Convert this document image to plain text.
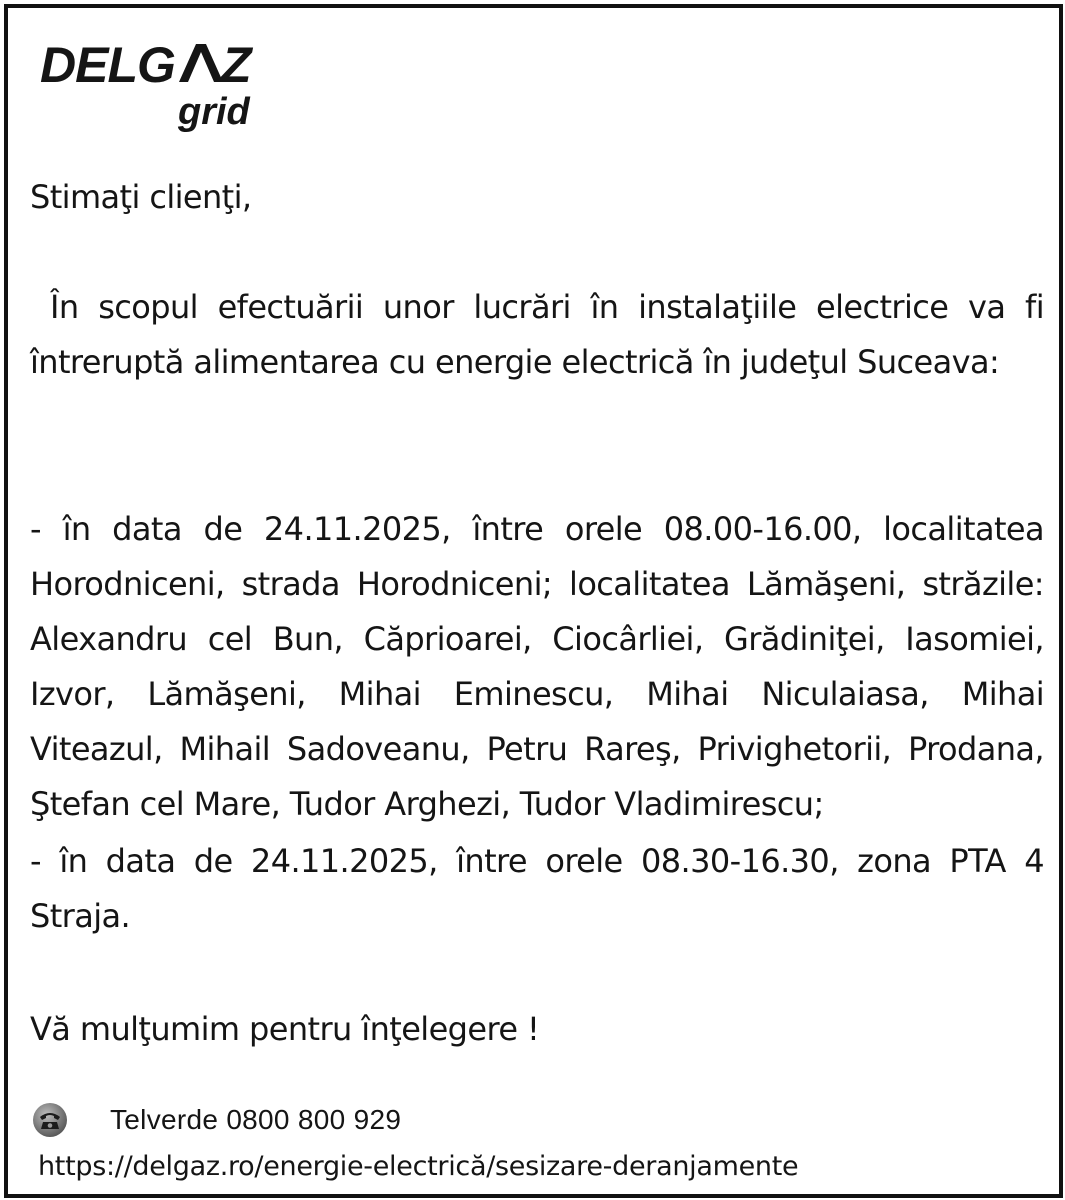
DELG Z
grid
Stimaţi clienţi,
În scopul efectuării unor lucrări în instalaţiile electrice va fi întreruptă alimentarea cu energie electrică în judeţul Suceava:
- în data de 24.11.2025, între orele 08.00-16.00, localitatea Horodniceni, strada Horodniceni; localitatea Lămăşeni, străzile: Alexandru cel Bun, Căprioarei, Ciocârliei, Grădiniţei, Iasomiei, Izvor, Lămăşeni, Mihai Eminescu, Mihai Niculaiasa, Mihai Viteazul, Mihail Sadoveanu, Petru Rareş, Privighetorii, Prodana, Ştefan cel Mare, Tudor Arghezi, Tudor Vladimirescu;
- în data de 24.11.2025, între orele 08.30-16.30, zona PTA 4 Straja.
Vă mulţumim pentru înţelegere !
Telverde 0800 800 929
https://delgaz.ro/energie-electrică/sesizare-deranjamente
